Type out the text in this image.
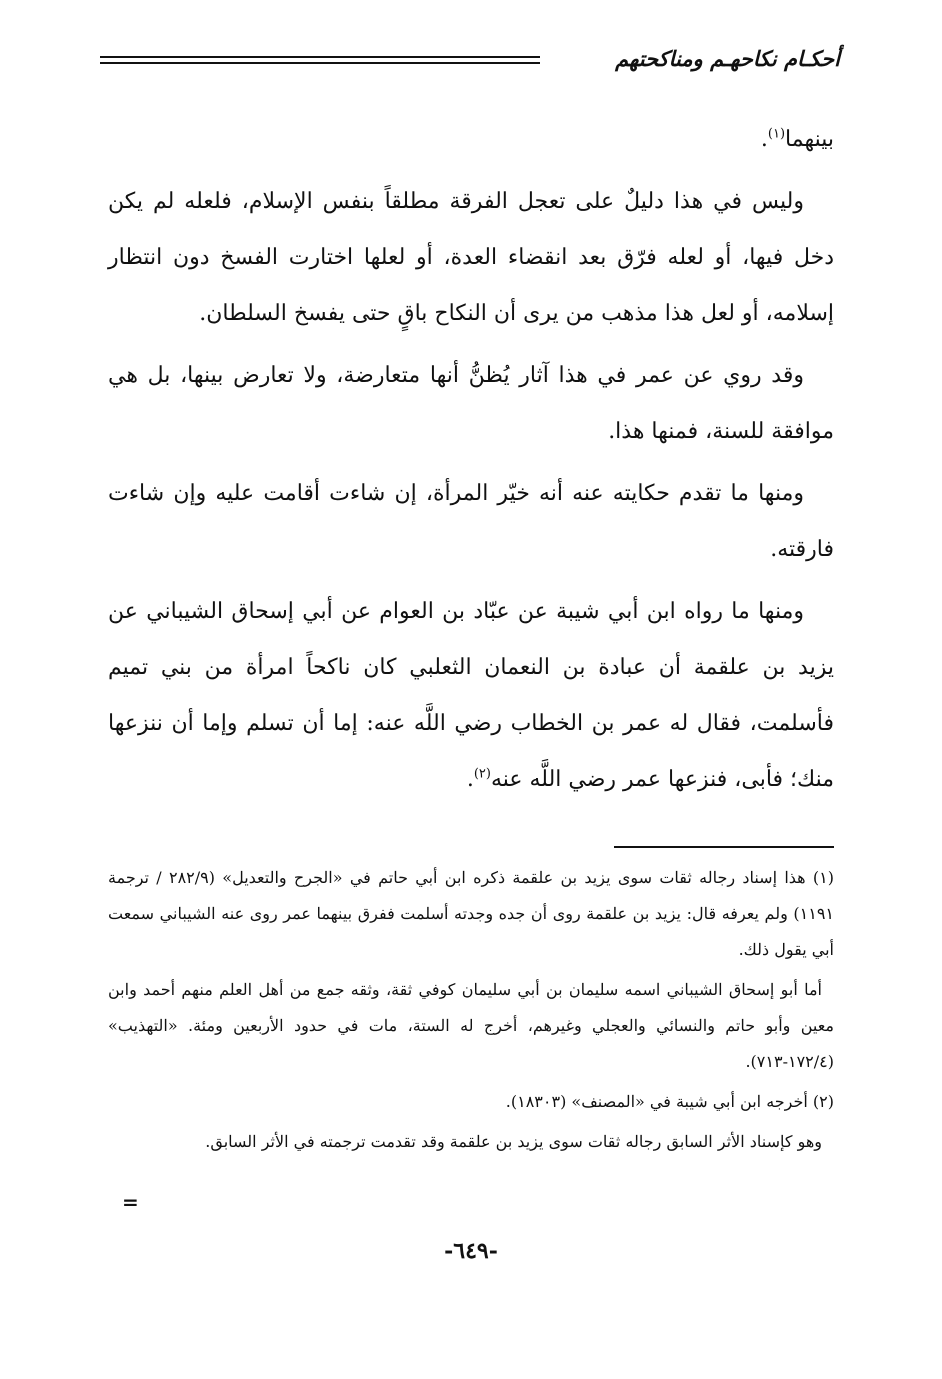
أحكـام نكاحهـم ومناكحتهم

بينهما$^{(١)}$.

وليس في هذا دليلٌ على تعجل الفرقة مطلقاً بنفس الإسلام، فلعله لم يكن دخل فيها، أو لعله فرّق بعد انقضاء العدة، أو لعلها اختارت الفسخ دون انتظار إسلامه، أو لعل هذا مذهب من يرى أن النكاح باقٍ حتى يفسخ السلطان.

وقد روي عن عمر في هذا آثار يُظنُّ أنها متعارضة، ولا تعارض بينها، بل هي موافقة للسنة، فمنها هذا.

ومنها ما تقدم حكايته عنه أنه خيّر المرأة، إن شاءت أقامت عليه وإن شاءت فارقته.

ومنها ما رواه ابن أبي شيبة عن عبّاد بن العوام عن أبي إسحاق الشيباني عن يزيد بن علقمة أن عبادة بن النعمان الثعلبي كان ناكحاً امرأة من بني تميم فأسلمت، فقال له عمر بن الخطاب رضي اللَّه عنه: إما أن تسلم وإما أن ننزعها منك؛ فأبى، فنزعها عمر رضي اللَّه عنه$^{(٢)}$.

(١) هذا إسناد رجاله ثقات سوى يزيد بن علقمة ذكره ابن أبي حاتم في «الجرح والتعديل» (٢٨٢/٩ / ترجمة ١١٩١) ولم يعرفه قال: يزيد بن علقمة روى أن جده وجدته أسلمت ففرق بينهما عمر روى عنه الشيباني سمعت أبي يقول ذلك.

أما أبو إسحاق الشيباني اسمه سليمان بن أبي سليمان كوفي ثقة، وثقه جمع من أهل العلم منهم أحمد وابن معين وأبو حاتم والنسائي والعجلي وغيرهم، أخرج له الستة، مات في حدود الأربعين ومئة. «التهذيب» (١٧٢/٤-٧١٣).

(٢) أخرجه ابن أبي شيبة في «المصنف» (١٨٣٠٣).

وهو كإسناد الأثر السابق رجاله ثقات سوى يزيد بن علقمة وقد تقدمت ترجمته في الأثر السابق.

=
-٦٤٩-
